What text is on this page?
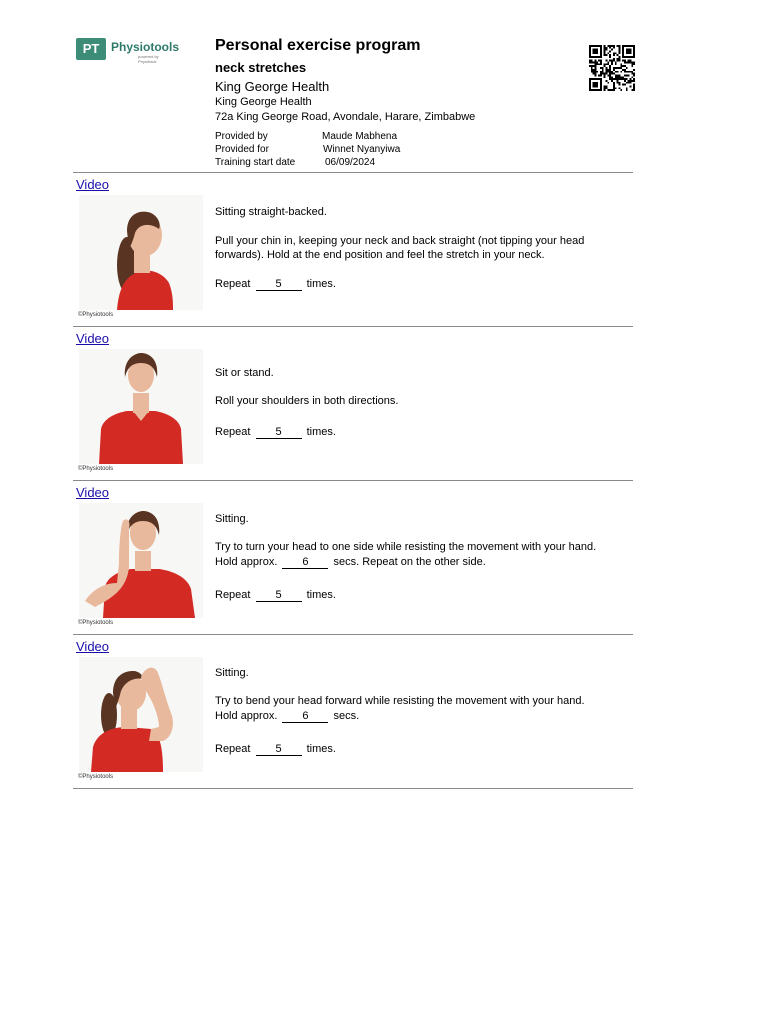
PT Physiotools
powered by Physitrack
Personal exercise program
neck stretches
King George Health
King George Health
72a King George Road, Avondale, Harare, Zimbabwe
Provided by	Maude Mabhena
Provided for	Winnet Nyanyiwa
Training start date	06/09/2024
Video
©Physiotools
Sitting straight-backed.
Pull your chin in, keeping your neck and back straight (not tipping your head forwards). Hold at the end position and feel the stretch in your neck.
Repeat 5 times.
Video
©Physiotools
Sit or stand.
Roll your shoulders in both directions.
Repeat 5 times.
Video
©Physiotools
Sitting.
Try to turn your head to one side while resisting the movement with your hand.
Hold approx. 6 secs. Repeat on the other side.
Repeat 5 times.
Video
©Physiotools
Sitting.
Try to bend your head forward while resisting the movement with your hand.
Hold approx. 6 secs.
Repeat 5 times.
